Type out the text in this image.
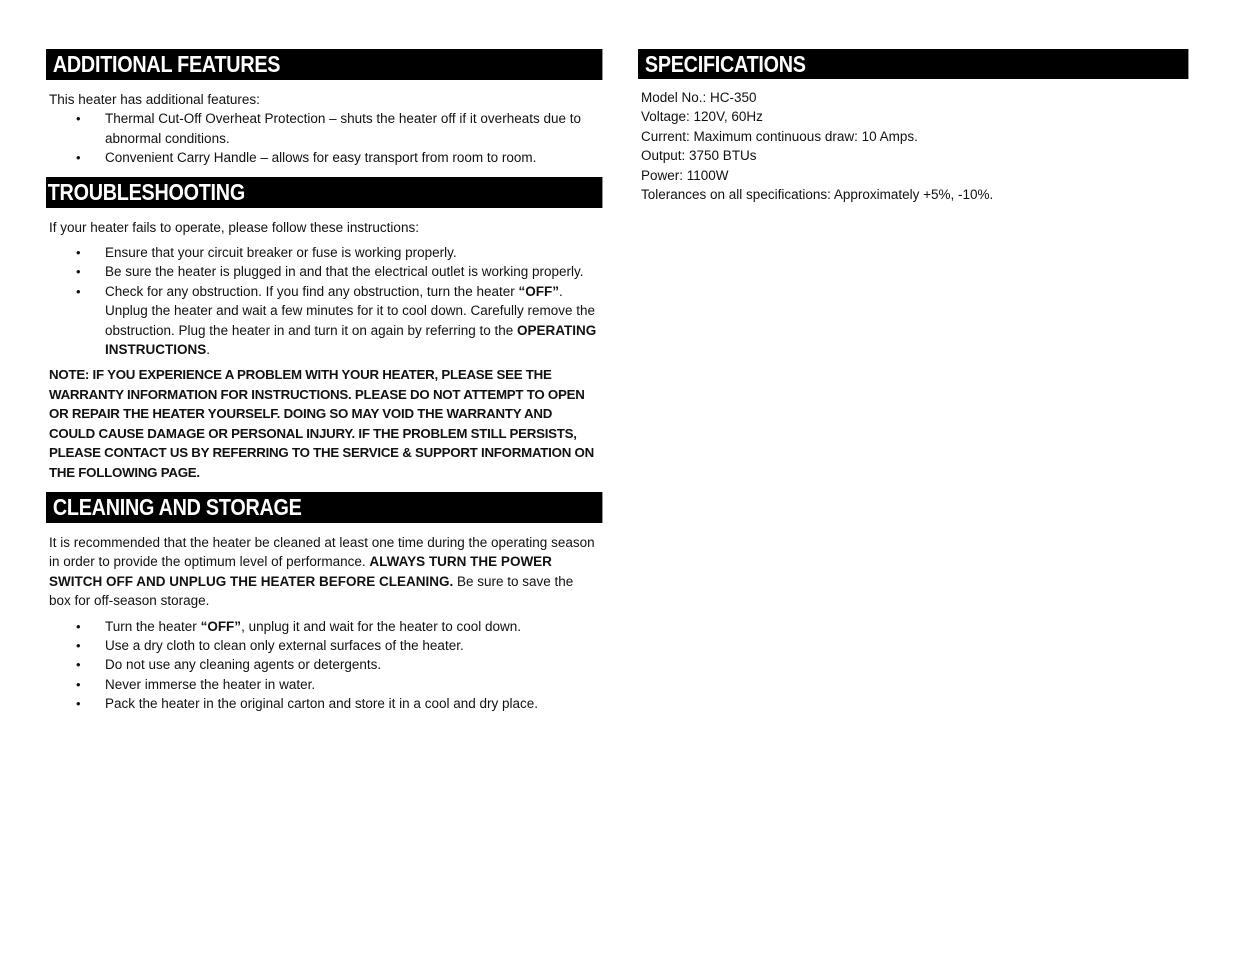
ADDITIONAL FEATURES

This heater has additional features:

• Thermal Cut-Off Overheat Protection – shuts the heater off if it overheats due to abnormal conditions.
• Convenient Carry Handle – allows for easy transport from room to room.
TROUBLESHOOTING

If your heater fails to operate, please follow these instructions:

• Ensure that your circuit breaker or fuse is working properly.
• Be sure the heater is plugged in and that the electrical outlet is working properly.
• Check for any obstruction. If you find any obstruction, turn the heater “OFF”. Unplug the heater and wait a few minutes for it to cool down. Carefully remove the obstruction. Plug the heater in and turn it on again by referring to the OPERATING INSTRUCTIONS.

NOTE: IF YOU EXPERIENCE A PROBLEM WITH YOUR HEATER, PLEASE SEE THE WARRANTY INFORMATION FOR INSTRUCTIONS. PLEASE DO NOT ATTEMPT TO OPEN OR REPAIR THE HEATER YOURSELF. DOING SO MAY VOID THE WARRANTY AND COULD CAUSE DAMAGE OR PERSONAL INJURY. IF THE PROBLEM STILL PERSISTS, PLEASE CONTACT US BY REFERRING TO THE SERVICE & SUPPORT INFORMATION ON THE FOLLOWING PAGE.

CLEANING AND STORAGE

It is recommended that the heater be cleaned at least one time during the operating season in order to provide the optimum level of performance. ALWAYS TURN THE POWER SWITCH OFF AND UNPLUG THE HEATER BEFORE CLEANING. Be sure to save the box for off-season storage.

• Turn the heater “OFF”, unplug it and wait for the heater to cool down.
• Use a dry cloth to clean only external surfaces of the heater.
• Do not use any cleaning agents or detergents.
• Never immerse the heater in water.
• Pack the heater in the original carton and store it in a cool and dry place.
SPECIFICATIONS
Model No.: HC-350
Voltage: 120V, 60Hz
Current: Maximum continuous draw: 10 Amps.
Output: 3750 BTUs
Power: 1100W
Tolerances on all specifications: Approximately +5%, -10%.
